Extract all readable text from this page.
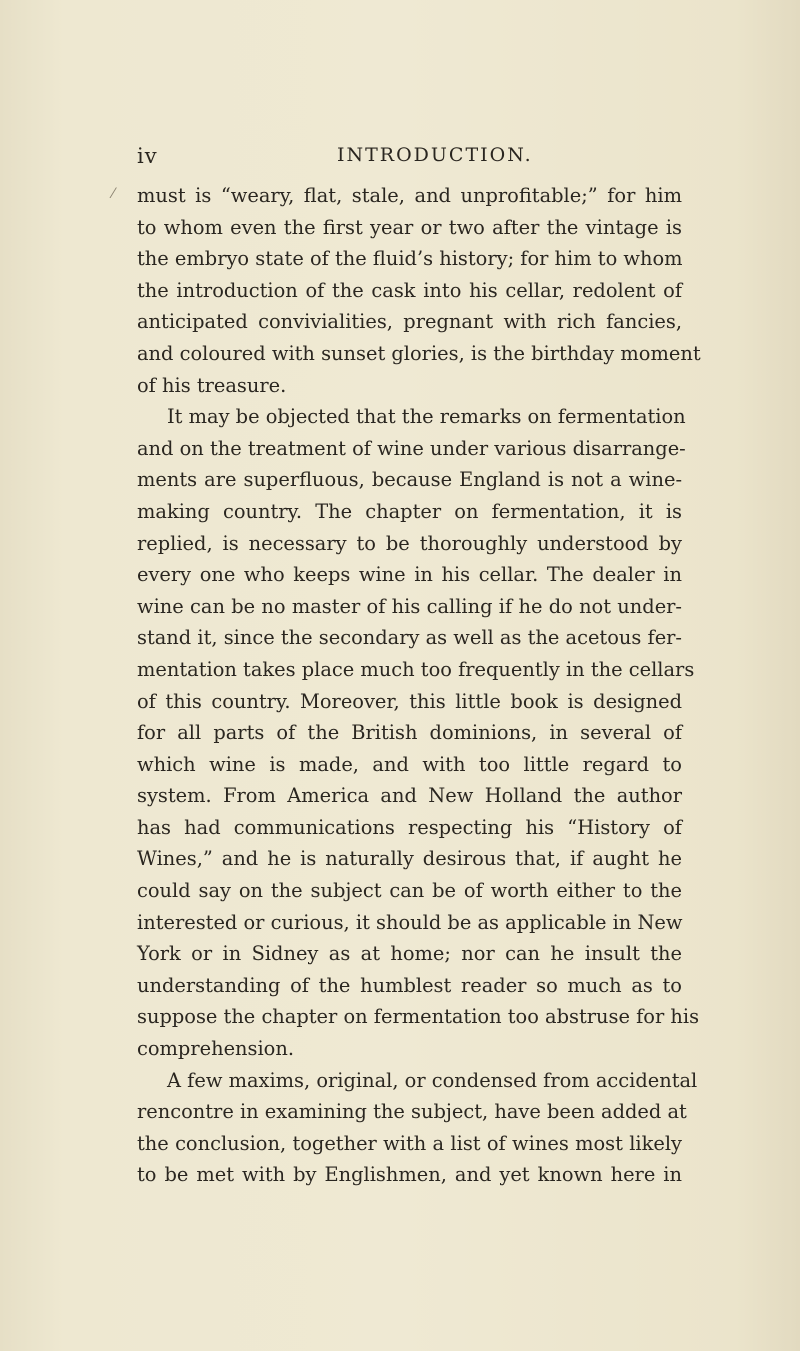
⁄
iv	INTRODUCTION.
must is “weary, flat, stale, and unprofitable;” for him
to whom even the first year or two after the vintage is
the embryo state of the fluid’s history; for him to whom
the introduction of the cask into his cellar, redolent of
anticipated convivialities, pregnant with rich fancies,
and coloured with sunset glories, is the birthday moment
of his treasure.
It may be objected that the remarks on fermentation
and on the treatment of wine under various disarrange-
ments are superfluous, because England is not a wine-
making country. The chapter on fermentation, it is
replied, is necessary to be thoroughly understood by
every one who keeps wine in his cellar. The dealer in
wine can be no master of his calling if he do not under-
stand it, since the secondary as well as the acetous fer-
mentation takes place much too frequently in the cellars
of this country. Moreover, this little book is designed
for all parts of the British dominions, in several of
which wine is made, and with too little regard to
system. From America and New Holland the author
has had communications respecting his “History of
Wines,” and he is naturally desirous that, if aught he
could say on the subject can be of worth either to the
interested or curious, it should be as applicable in New
York or in Sidney as at home; nor can he insult the
understanding of the humblest reader so much as to
suppose the chapter on fermentation too abstruse for his
comprehension.
A few maxims, original, or condensed from accidental
rencontre in examining the subject, have been added at
the conclusion, together with a list of wines most likely
to be met with by Englishmen, and yet known here in
